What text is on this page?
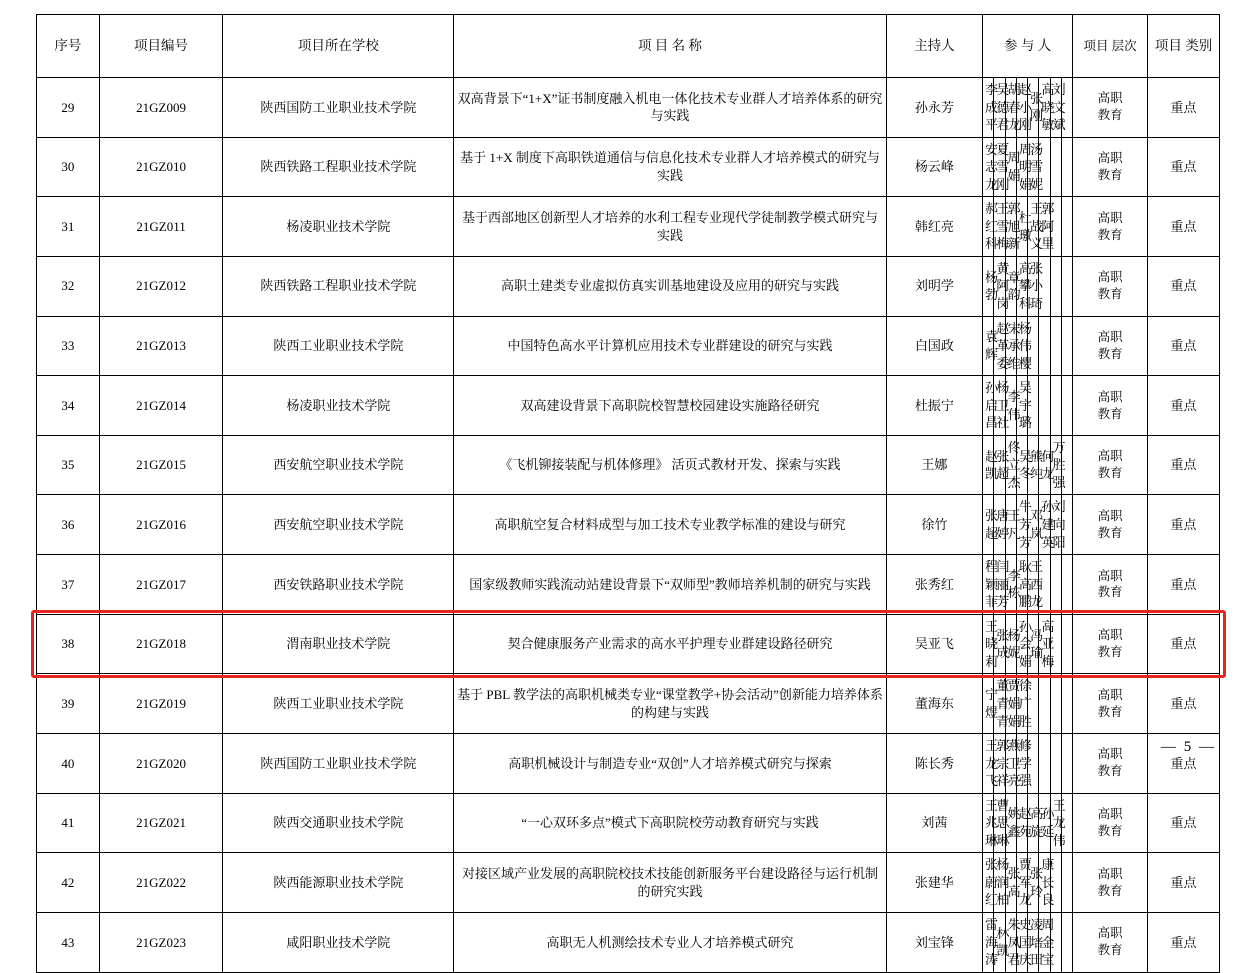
序号	项目编号	项目所在学校	项 目 名 称	主持人	参 与 人								项目 层次	项目 类别
29	21GZ009	陕西国防工业职业技术学院	双高背景下“1+X”证书制度融入机电一体化技术专业群人才培养体系的研究与实践	孙永芳	李成平	吴德君	胡春龙	赵小刚	张刚	高晓敏	刘文斌		高职
教育	重点
30	21GZ010	陕西铁路工程职业技术学院	基于 1+X 制度下高职铁道通信与信息化技术专业群人才培养模式的研究与实践	杨云峰	安志龙	夏雪刚	周娟	周明娟	汤雪妮				高职
教育	重点
31	21GZ011	杨凌职业技术学院	基于西部地区创新型人才培养的水利工程专业现代学徒制教学模式研究与实践	韩红亮	郝红科	王雪梅	郭旭新	杜璬	王战义	郭阿里			高职
教育	重点
32	21GZ012	陕西铁路工程职业技术学院	高职土建类专业虚拟仿真实训基地建设及应用的研究与实践	刘明学	杨勃	黄阿岗	章韵	高攀科	张小琦				高职
教育	重点
33	21GZ013	陕西工业职业技术学院	中国特色高水平计算机应用技术专业群建设的研究与实践	白国政	袁辉	赵革委	宋承维	杨伟樱					高职
教育	重点
34	21GZ014	杨凌职业技术学院	双高建设背景下高职院校智慧校园建设实施路径研究	杜振宁	孙启昌	杨卫社	李伟	吴宇璐					高职
教育	重点
35	21GZ015	西安航空职业技术学院	《飞机铆接装配与机体修理》 活页式教材开发、探索与实践	王娜	赵凯	张超	佟立杰	吴冬	熊纯	何龙	万胜强		高职
教育	重点
36	21GZ016	西安航空职业技术学院	高职航空复合材料成型与加工技术专业教学标准的建设与研究	徐竹	张超	唐婷	王凡	牛芳芳	邓岚	孙建英	刘向阳		高职
教育	重点
37	21GZ017	西安铁路职业技术学院	国家级教师实践流动站建设背景下“双师型”教师培养机制的研究与实践	张秀红	程颖菲	闫丽芳	李栋	耿高鹏	王西龙				高职
教育	重点
38	21GZ018	渭南职业技术学院	契合健康服务产业需求的高水平护理专业群建设路径研究	吴亚飞	王晓莉	张成	杨妮	孙会娟	冯瑜	高亚梅			高职
教育	重点
39	21GZ019	陕西工业职业技术学院	基于 PBL 教学法的高职机械类专业“课堂教学+协会活动”创新能力培养体系的构建与实践	董海东	宁煜	董青青	贾娟娟	徐广胜					高职
教育	重点
40	21GZ020	陕西国防工业职业技术学院	高职机械设计与制造专业“双创”人才培养模式研究与探索	陈长秀	王龙飞	郭宗祥	燕卫亮	修学强					高职
教育	重点
41	21GZ021	陕西交通职业技术学院	“一心双环多点”模式下高职院校劳动教育研究与实践	刘茜	王兆琳	曹思琳	姚鑫	赵苑	高旋	孙延	王龙伟		高职
教育	重点
42	21GZ022	陕西能源职业技术学院	对接区域产业发展的高职院校技术技能创新服务平台建设路径与运行机制的研究实践	张建华	张蔚红	杨润柏	张高	贾军龙	张玲	康长良			高职
教育	重点
43	21GZ023	咸阳职业技术学院	高职无人机测绘技术专业人才培养模式研究	刘宝锋	雷海涛	林 凯	朱凤君	史国庆	凌培田	周金宝			高职
教育	重点
— 5 —
